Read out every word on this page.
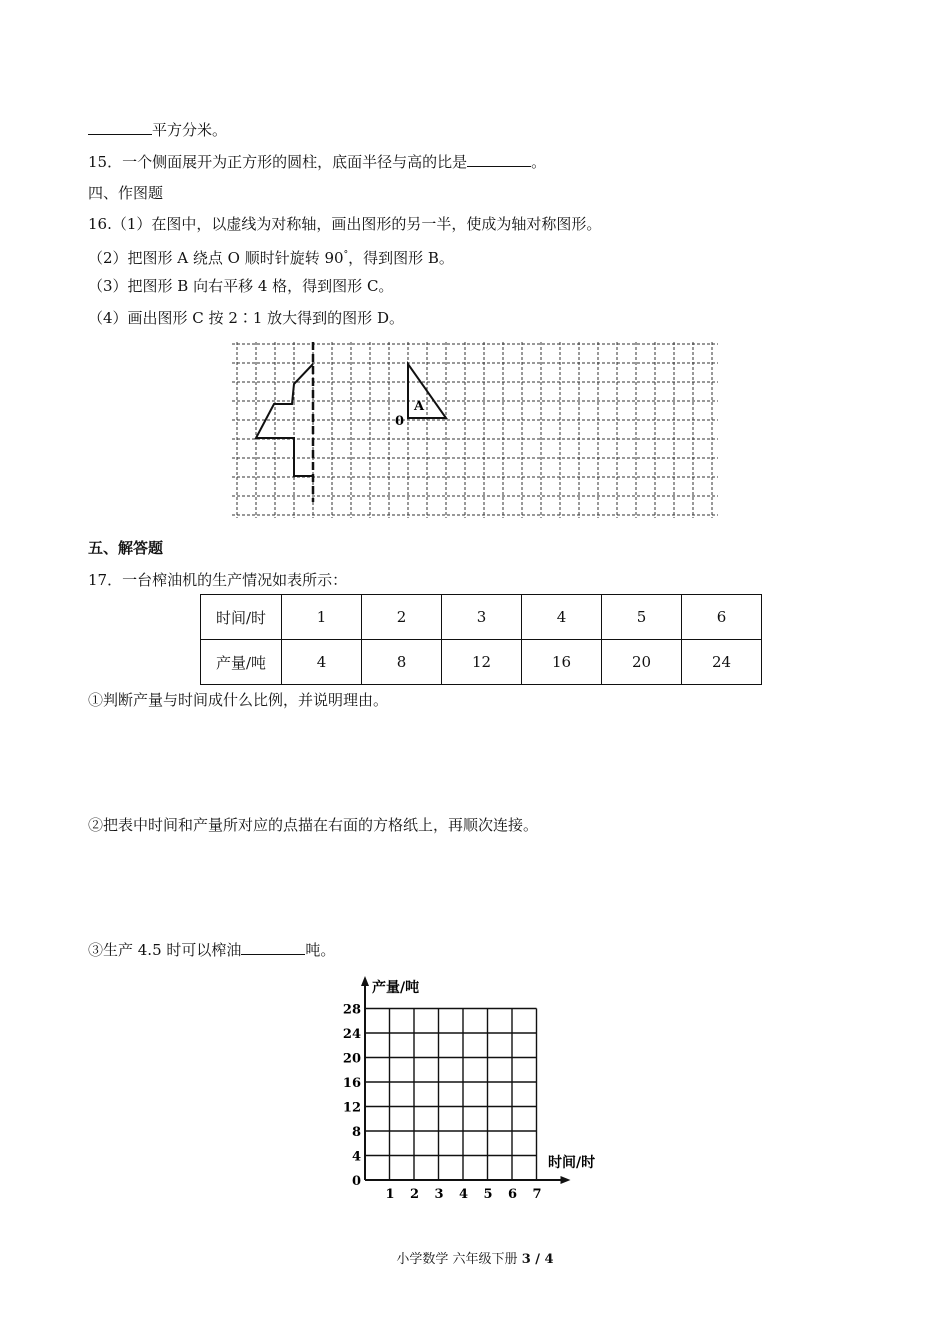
平方分米。
15．一个侧面展开为正方形的圆柱，底面半径与高的比是	。
四、作图题
16.（1）在图中，以虚线为对称轴，画出图形的另一半，使成为轴对称图形。
（2）把图形 A 绕点 O 顺时针旋转 90°，得到图形 B。
（3）把图形 B 向右平移 4 格，得到图形 C。
（4）画出图形 C 按 2∶1 放大得到的图形 D。
A
0
五、解答题
17．一台榨油机的生产情况如表所示：
时间/时	1	2	3	4	5	6
产量/吨	4	8	12	16	20	24
①判断产量与时间成什么比例，并说明理由。
②把表中时间和产量所对应的点描在右面的方格纸上，再顺次连接。
③生产 4.5 时可以榨油	吨。
1 2 3 4 5 6 7
0
4
8
12
16
20
24
28
产量/吨
时间/时
小学数学 六年级下册 3 / 4
